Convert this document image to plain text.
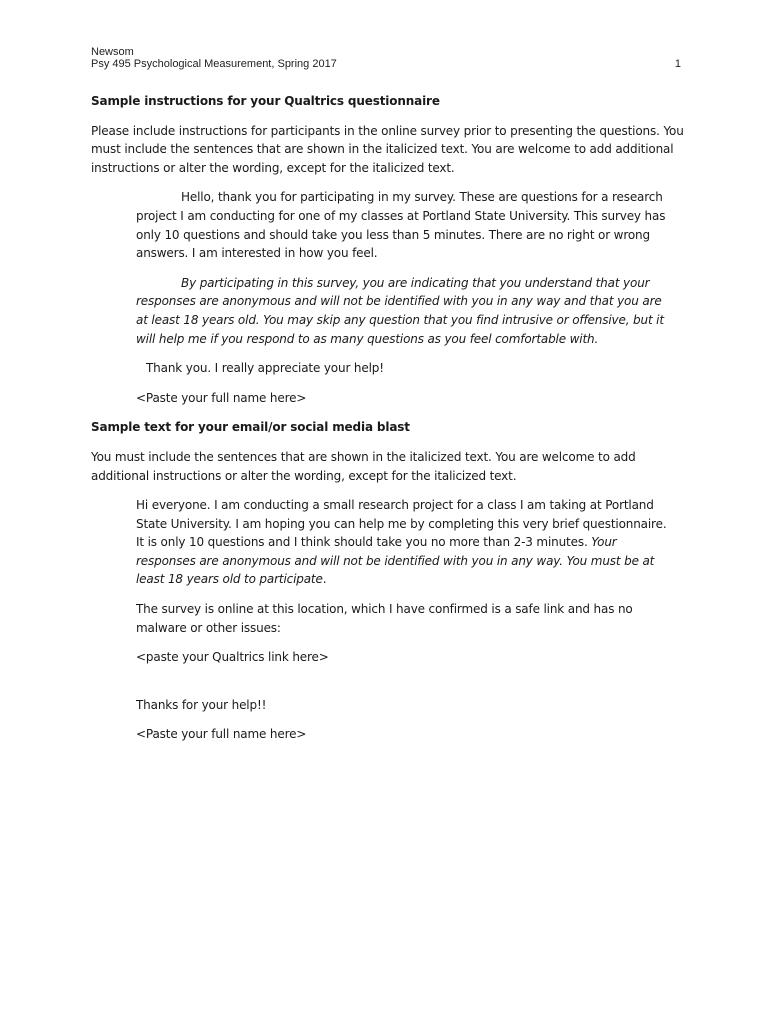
Newsom
Psy 495 Psychological Measurement, Spring 2017	1

Sample instructions for your Qualtrics questionnaire

Please include instructions for participants in the online survey prior to presenting the questions. You must include the sentences that are shown in the italicized text. You are welcome to add additional instructions or alter the wording, except for the italicized text.

Hello, thank you for participating in my survey. These are questions for a research project I am conducting for one of my classes at Portland State University. This survey has only 10 questions and should take you less than 5 minutes. There are no right or wrong answers. I am interested in how you feel.

By participating in this survey, you are indicating that you understand that your responses are anonymous and will not be identified with you in any way and that you are at least 18 years old. You may skip any question that you find intrusive or offensive, but it will help me if you respond to as many questions as you feel comfortable with.

Thank you. I really appreciate your help!

<Paste your full name here>

Sample text for your email/or social media blast

You must include the sentences that are shown in the italicized text. You are welcome to add additional instructions or alter the wording, except for the italicized text.

Hi everyone. I am conducting a small research project for a class I am taking at Portland State University. I am hoping you can help me by completing this very brief questionnaire. It is only 10 questions and I think should take you no more than 2-3 minutes. Your responses are anonymous and will not be identified with you in any way. You must be at least 18 years old to participate.

The survey is online at this location, which I have confirmed is a safe link and has no malware or other issues:

<paste your Qualtrics link here>

Thanks for your help!!

<Paste your full name here>
